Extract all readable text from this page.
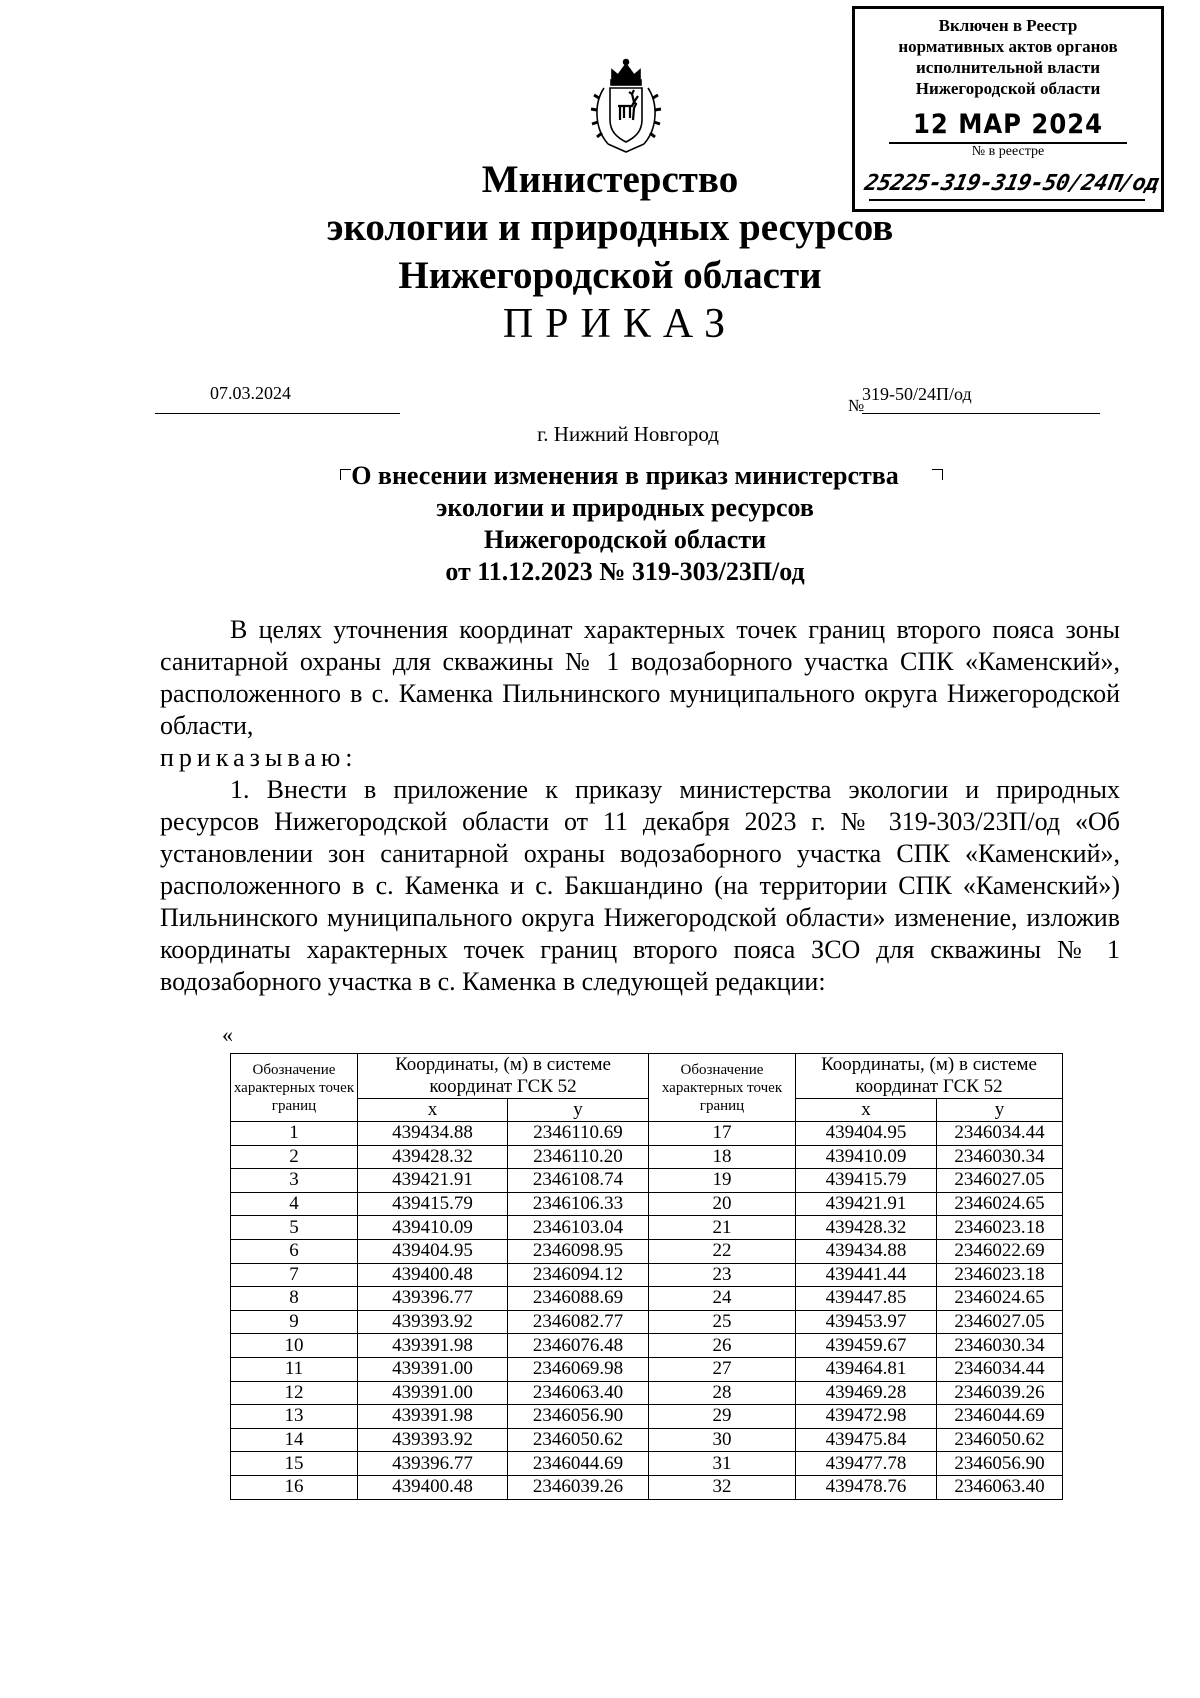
Включен в Реестр
нормативных актов органов
исполнительной власти
Нижегородской области
12 MAP 2024
№ в реестре
25225-319-319-50/24П/од
Министерство
экологии и природных ресурсов
Нижегородской области
ПРИКАЗ
07.03.2024
№
319-50/24П/од
г. Нижний Новгород
О внесении изменения в приказ министерства
экологии и природных ресурсов
Нижегородской области
от 11.12.2023 № 319-303/23П/од

В целях уточнения координат характерных точек границ второго пояса зоны санитарной охраны для скважины № 1 водозаборного участка СПК «Каменский», расположенного в с. Каменка Пильнинского муниципального округа Нижегородской области,

приказываю:

1. Внести в приложение к приказу министерства экологии и природных ресурсов Нижегородской области от 11 декабря 2023 г. № 319-303/23П/од «Об установлении зон санитарной охраны водозаборного участка СПК «Каменский», расположенного в с. Каменка и с. Бакшандино (на территории СПК «Каменский») Пильнинского муниципального округа Нижегородской области» изменение, изложив координаты характерных точек границ второго пояса ЗСО для скважины № 1 водозаборного участка в с. Каменка в следующей редакции:

«
Обозначение характерных точек границ	Координаты, (м) в системе координат ГСК 52		Обозначение характерных точек границ	Координаты, (м) в системе координат ГСК 52	
	x	y		x	y
1	439434.88	2346110.69	17	439404.95	2346034.44
2	439428.32	2346110.20	18	439410.09	2346030.34
3	439421.91	2346108.74	19	439415.79	2346027.05
4	439415.79	2346106.33	20	439421.91	2346024.65
5	439410.09	2346103.04	21	439428.32	2346023.18
6	439404.95	2346098.95	22	439434.88	2346022.69
7	439400.48	2346094.12	23	439441.44	2346023.18
8	439396.77	2346088.69	24	439447.85	2346024.65
9	439393.92	2346082.77	25	439453.97	2346027.05
10	439391.98	2346076.48	26	439459.67	2346030.34
11	439391.00	2346069.98	27	439464.81	2346034.44
12	439391.00	2346063.40	28	439469.28	2346039.26
13	439391.98	2346056.90	29	439472.98	2346044.69
14	439393.92	2346050.62	30	439475.84	2346050.62
15	439396.77	2346044.69	31	439477.78	2346056.90
16	439400.48	2346039.26	32	439478.76	2346063.40
